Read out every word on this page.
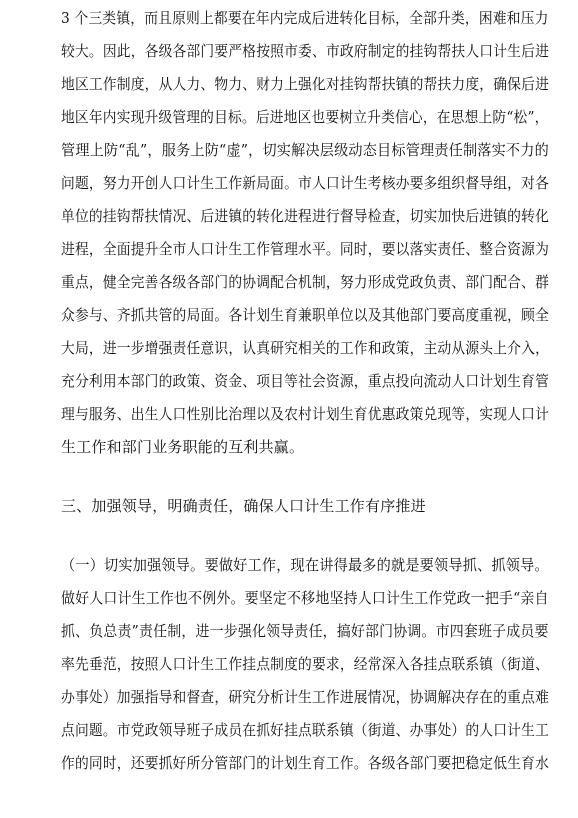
3 个三类镇，而且原则上都要在年内完成后进转化目标，全部升类，困难和压力
较大。因此，各级各部门要严格按照市委、市政府制定的挂钩帮扶人口计生后进
地区工作制度，从人力、物力、财力上强化对挂钩帮扶镇的帮扶力度，确保后进
地区年内实现升级管理的目标。后进地区也要树立升类信心，在思想上防“松”，
管理上防“乱”，服务上防“虚”，切实解决层级动态目标管理责任制落实不力的
问题，努力开创人口计生工作新局面。市人口计生考核办要多组织督导组，对各
单位的挂钩帮扶情况、后进镇的转化进程进行督导检查，切实加快后进镇的转化
进程，全面提升全市人口计生工作管理水平。同时，要以落实责任、整合资源为
重点，健全完善各级各部门的协调配合机制，努力形成党政负责、部门配合、群
众参与、齐抓共管的局面。各计划生育兼职单位以及其他部门要高度重视，顾全
大局，进一步增强责任意识，认真研究相关的工作和政策，主动从源头上介入，
充分利用本部门的政策、资金、项目等社会资源，重点投向流动人口计划生育管
理与服务、出生人口性别比治理以及农村计划生育优惠政策兑现等，实现人口计
生工作和部门业务职能的互利共赢。
三、加强领导，明确责任，确保人口计生工作有序推进
（一）切实加强领导。要做好工作，现在讲得最多的就是要领导抓、抓领导。
做好人口计生工作也不例外。要坚定不移地坚持人口计生工作党政一把手“亲自
抓、负总责”责任制，进一步强化领导责任，搞好部门协调。市四套班子成员要
率先垂范，按照人口计生工作挂点制度的要求，经常深入各挂点联系镇（街道、
办事处）加强指导和督查，研究分析计生工作进展情况，协调解决存在的重点难
点问题。市党政领导班子成员在抓好挂点联系镇（街道、办事处）的人口计生工
作的同时，还要抓好所分管部门的计划生育工作。各级各部门要把稳定低生育水
